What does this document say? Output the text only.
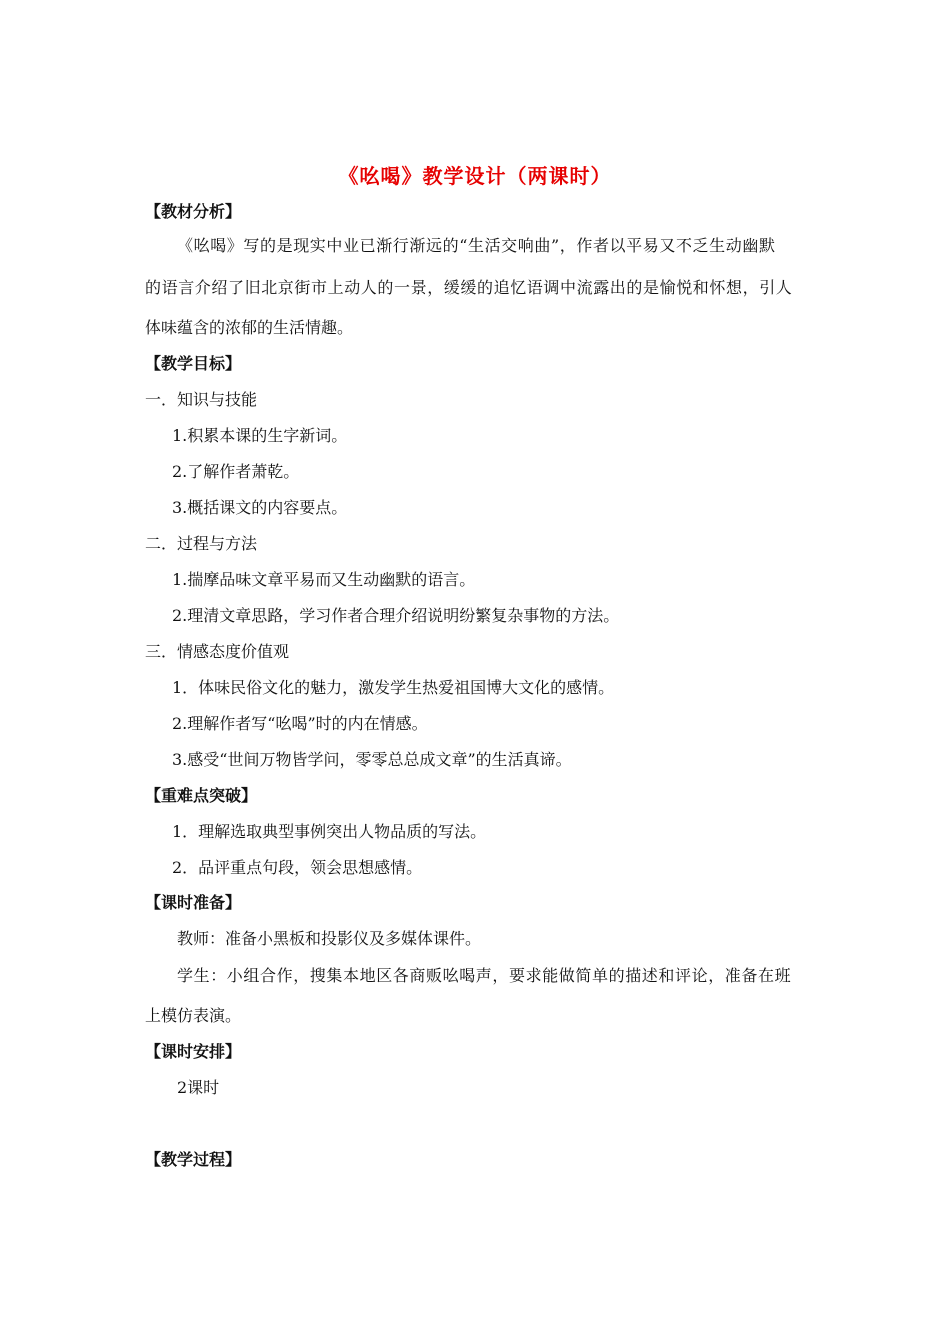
《吆喝》教学设计（两课时）
【教材分析】
《吆喝》写的是现实中业已渐行渐远的“生活交响曲”，作者以平易又不乏生动幽默
的语言介绍了旧北京街市上动人的一景，缓缓的追忆语调中流露出的是愉悦和怀想，引人
体味蕴含的浓郁的生活情趣。
【教学目标】
一．知识与技能
1.积累本课的生字新词。
2.了解作者萧乾。
3.概括课文的内容要点。
二．过程与方法
1.揣摩品味文章平易而又生动幽默的语言。
2.理清文章思路，学习作者合理介绍说明纷繁复杂事物的方法。
三．情感态度价值观
1．体味民俗文化的魅力，激发学生热爱祖国博大文化的感情。
2.理解作者写“吆喝”时的内在情感。
3.感受“世间万物皆学问，零零总总成文章”的生活真谛。
【重难点突破】
1．理解选取典型事例突出人物品质的写法。
2．品评重点句段，领会思想感情。
【课时准备】
教师：准备小黑板和投影仪及多媒体课件。
学生：小组合作，搜集本地区各商贩吆喝声，要求能做简单的描述和评论，准备在班
上模仿表演。
【课时安排】
2课时
【教学过程】
